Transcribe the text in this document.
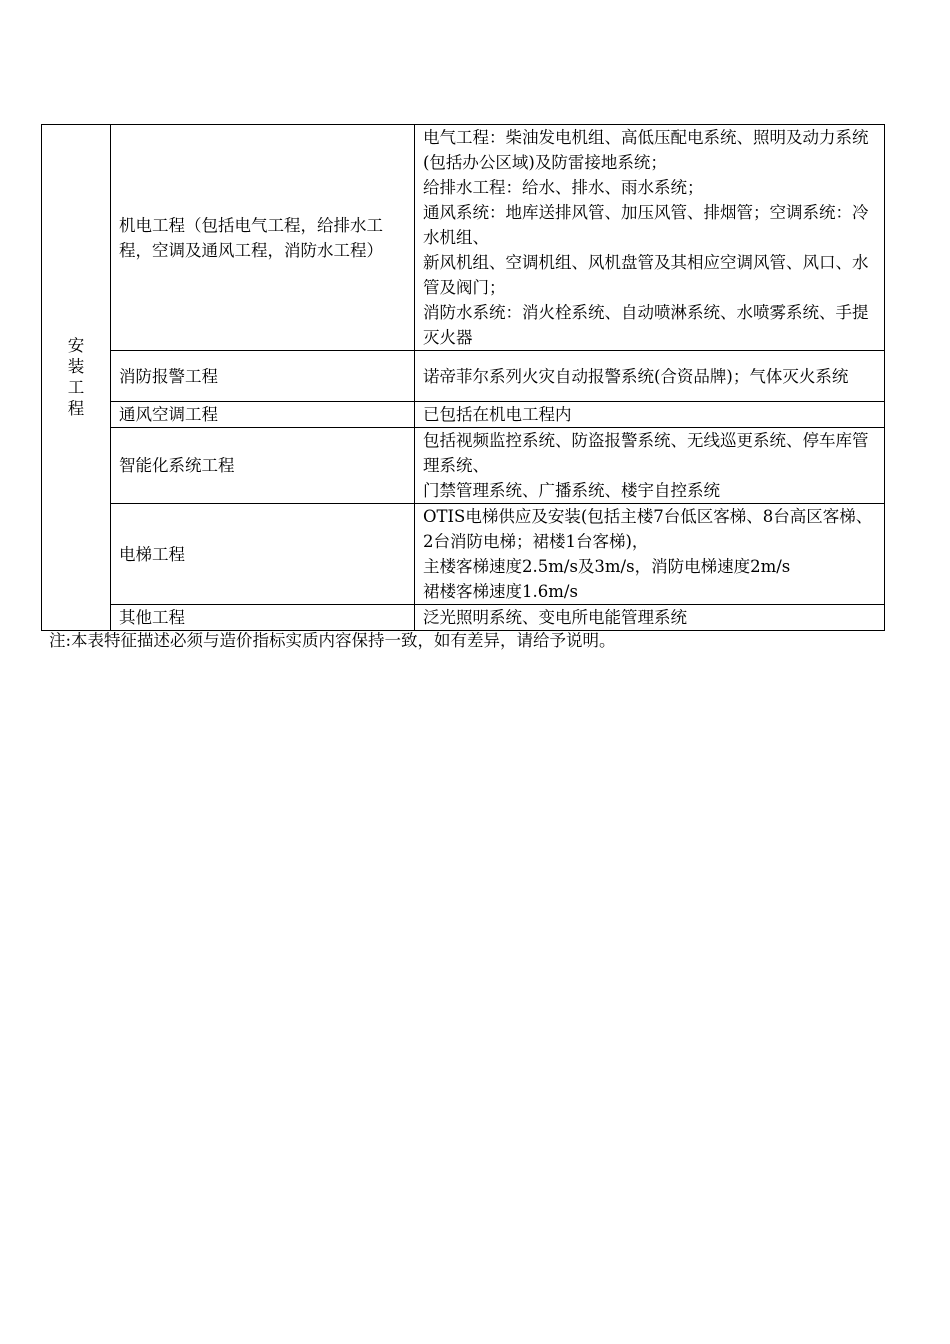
安装工程	机电工程（包括电气工程，给排水工程，空调及通风工程，消防水工程）	电气工程：柴油发电机组、高低压配电系统、照明及动力系统(包括办公区域)及防雷接地系统；
给排水工程：给水、排水、雨水系统；
通风系统：地库送排风管、加压风管、排烟管；空调系统：冷水机组、
新风机组、空调机组、风机盘管及其相应空调风管、风口、水管及阀门；
消防水系统：消火栓系统、自动喷淋系统、水喷雾系统、手提灭火器

	消防报警工程	诺帝菲尔系列火灾自动报警系统(合资品牌)；气体灭火系统

	通风空调工程	已包括在机电工程内

	智能化系统工程	包括视频监控系统、防盗报警系统、无线巡更系统、停车库管理系统、
门禁管理系统、广播系统、楼宇自控系统

	电梯工程	OTIS电梯供应及安装(包括主楼7台低区客梯、8台高区客梯、2台消防电梯；裙楼1台客梯)，
主楼客梯速度2.5m/s及3m/s，消防电梯速度2m/s
裙楼客梯速度1.6m/s

	其他工程	泛光照明系统、变电所电能管理系统
注:本表特征描述必须与造价指标实质内容保持一致，如有差异，请给予说明。
